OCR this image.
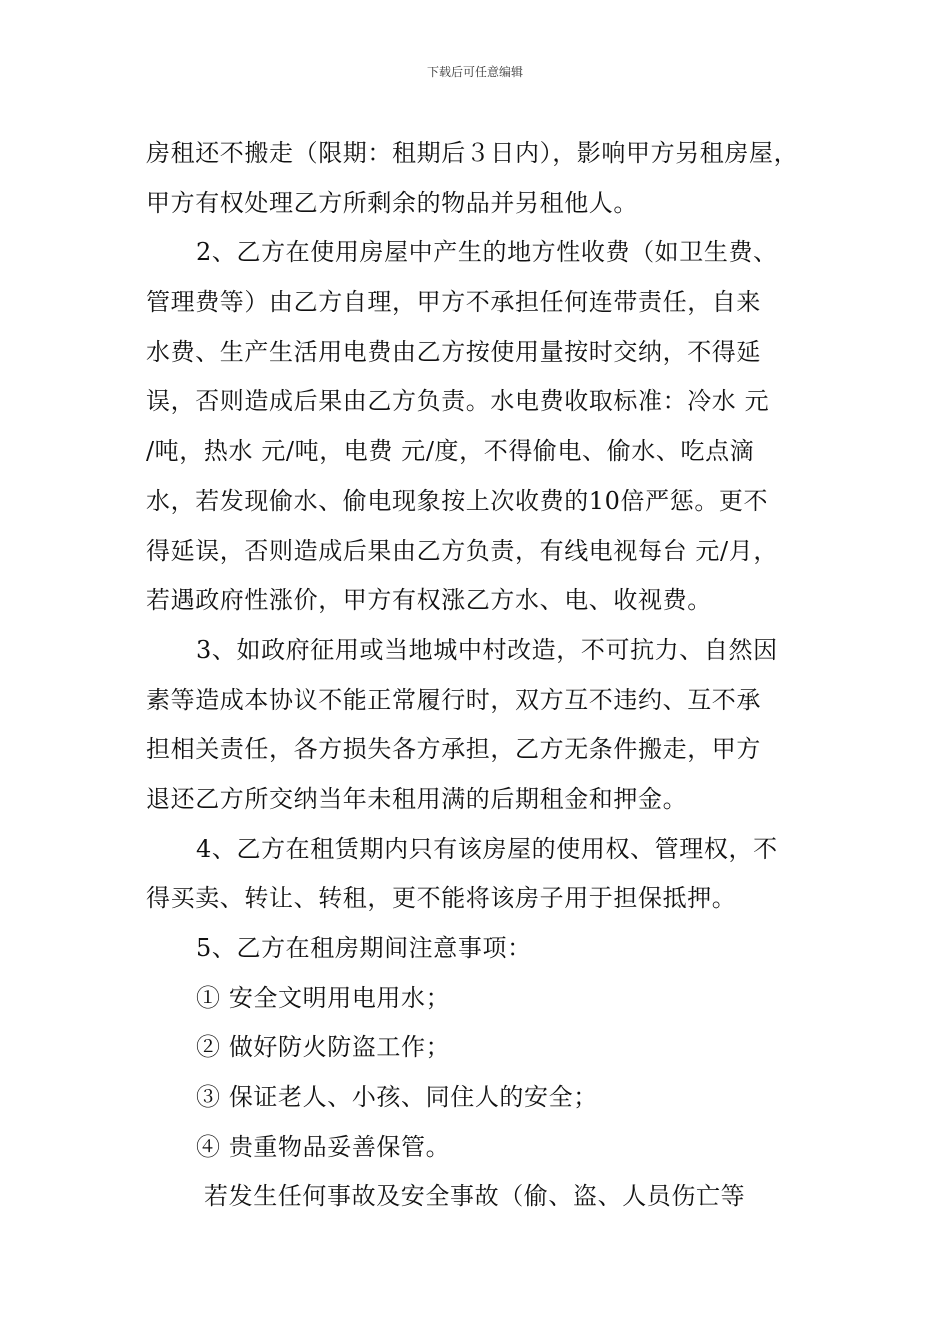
下载后可任意编辑
房租还不搬走（限期：租期后３日内），影响甲方另租房屋，
甲方有权处理乙方所剩余的物品并另租他人。
2、乙方在使用房屋中产生的地方性收费（如卫生费、
管理费等）由乙方自理，甲方不承担任何连带责任，自来
水费、生产生活用电费由乙方按使用量按时交纳，不得延
误，否则造成后果由乙方负责。水电费收取标准：冷水 元
/吨，热水 元/吨，电费 元/度，不得偷电、偷水、吃点滴
水，若发现偷水、偷电现象按上次收费的10倍严惩。更不
得延误，否则造成后果由乙方负责，有线电视每台 元/月，
若遇政府性涨价，甲方有权涨乙方水、电、收视费。
3、如政府征用或当地城中村改造，不可抗力、自然因
素等造成本协议不能正常履行时，双方互不违约、互不承
担相关责任，各方损失各方承担，乙方无条件搬走，甲方
退还乙方所交纳当年未租用满的后期租金和押金。
4、乙方在租赁期内只有该房屋的使用权、管理权，不
得买卖、转让、转租，更不能将该房子用于担保抵押。
5、乙方在租房期间注意事项：
① 安全文明用电用水；
② 做好防火防盗工作；
③ 保证老人、小孩、同住人的安全；
④ 贵重物品妥善保管。
若发生任何事故及安全事故（偷、盗、人员伤亡等
